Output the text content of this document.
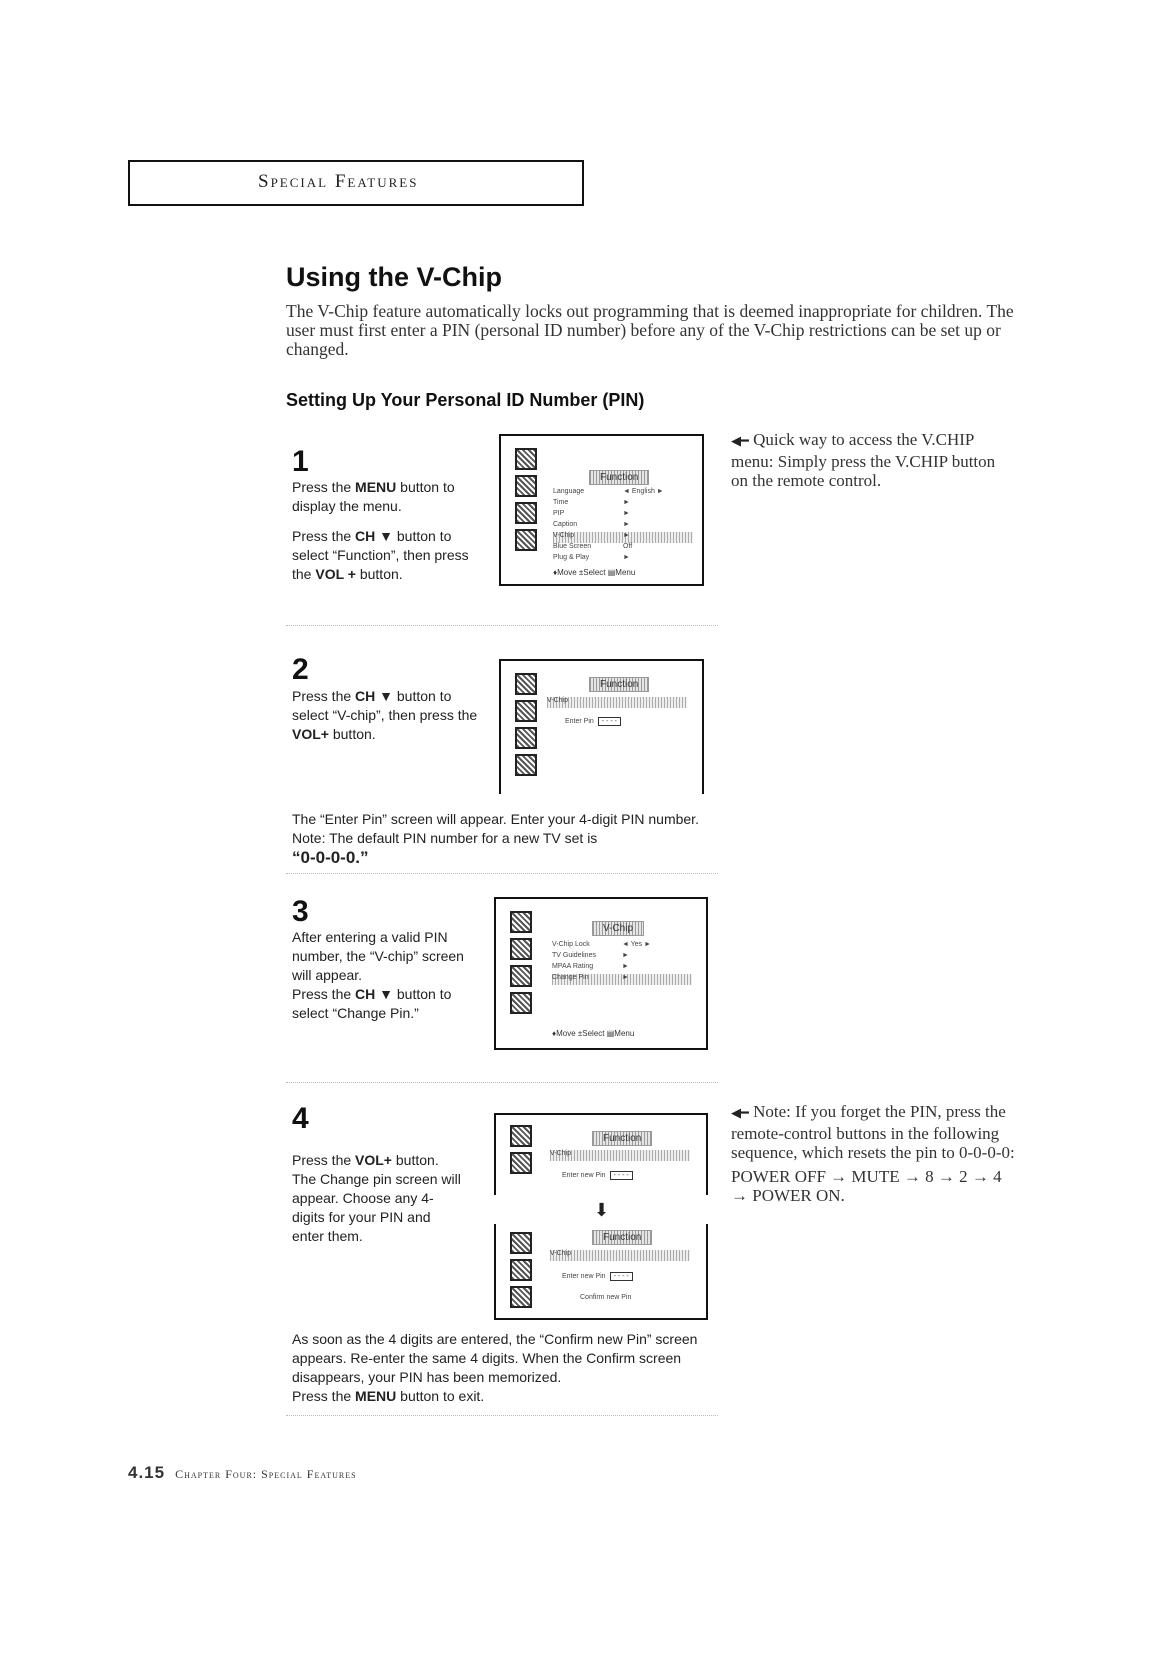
Special Features
Using the V-Chip
The V-Chip feature automatically locks out programming that is deemed inappropriate for children. The user must first enter a PIN (personal ID number) before any of the V-Chip restrictions can be set up or changed.
Setting Up Your Personal ID Number (PIN)
1
Press the MENU button to display the menu.
Press the CH ▼ button to select “Function”, then press the VOL + button.
Function
Language	◄ English ►
Time	►
PIP	►
Caption	►
V-Chip	►
Blue Screen	Off
Plug & Play	►
♦Move ±Select ▤Menu
2
Press the CH ▼ button to select “V-chip”, then press the VOL+ button.
Function
V-Chip
Enter Pin - - - -
The “Enter Pin” screen will appear. Enter your 4-digit PIN number. Note: The default PIN number for a new TV set is
“0-0-0-0.”
3
After entering a valid PIN number, the “V-chip” screen will appear.
Press the CH ▼ button to select “Change Pin.”
V-Chip
V-Chip Lock	◄ Yes ►
TV Guidelines	►
MPAA Rating	►
Change Pin	►
♦Move ±Select ▤Menu
4
Press the VOL+ button. The Change pin screen will appear. Choose any 4-digits for your PIN and enter them.
Function
V-Chip
Enter new Pin - - - -
⬇
Function
V-Chip
Enter new Pin - - - -
Confirm new Pin
As soon as the 4 digits are entered, the “Confirm new Pin” screen appears. Re-enter the same 4 digits. When the Confirm screen disappears, your PIN has been memorized.
Press the MENU button to exit.
◀━ Quick way to access the V.CHIP menu: Simply press the V.CHIP button on the remote control.
◀━ Note: If you forget the PIN, press the remote-control buttons in the following sequence, which resets the pin to 0-0-0-0:
POWER OFF → MUTE → 8 → 2 → 4 → POWER ON.
4.15 Chapter Four: Special Features
